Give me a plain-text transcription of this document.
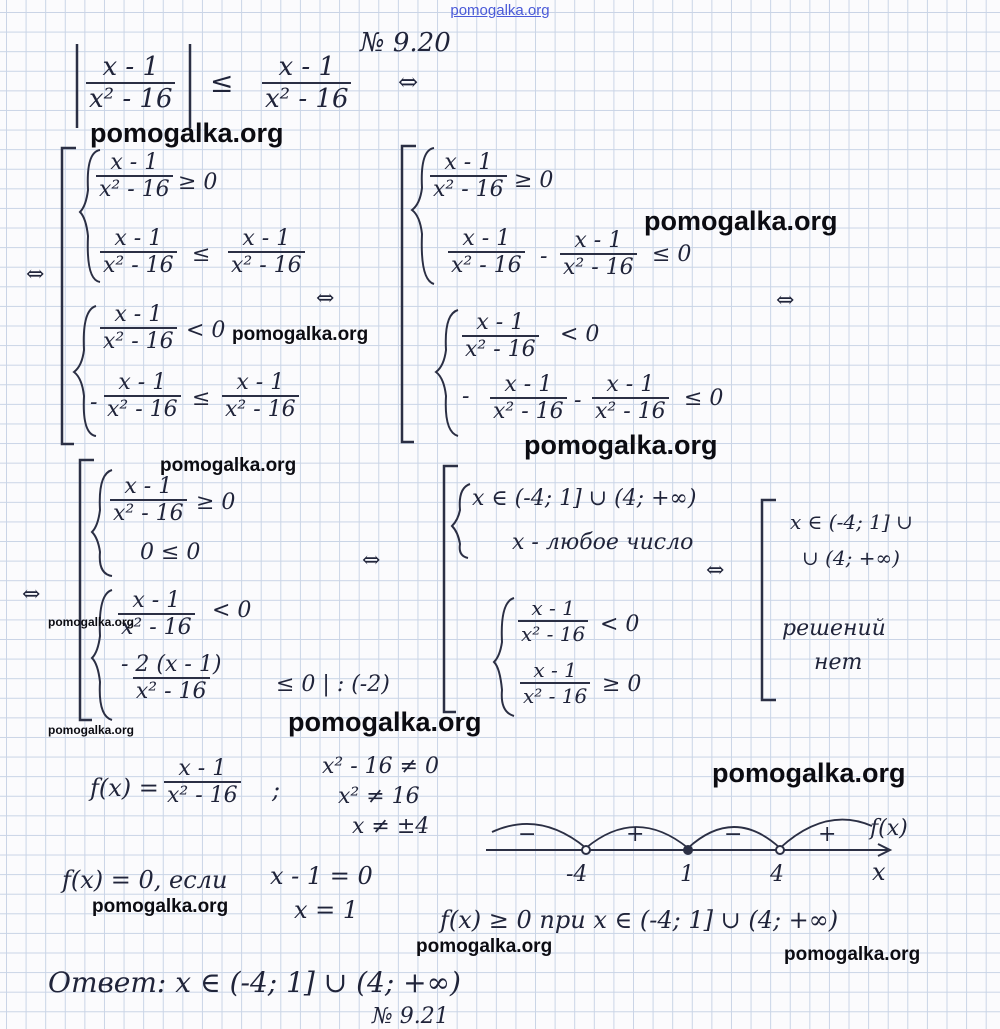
pomogalka.org
№ 9.20
$\frac{x - 1}{\text{x² - 16}} \le \frac{x - 1}{\text{x² - 16}}$ ⇔
⇔
$\frac{x - 1}{\text{x² - 16}} \ge 0$
$\frac{x - 1}{\text{x² - 16}} \le \frac{x - 1}{\text{x² - 16}}$
$\frac{x - 1}{\text{x² - 16}} < 0$
- $\frac{x - 1}{\text{x² - 16}} \le \frac{x - 1}{\text{x² - 16}}$
⇔
$\frac{x - 1}{\text{x² - 16}} \ge 0$
$\frac{x - 1}{\text{x² - 16}} - \frac{x - 1}{\text{x² - 16}} \le 0$
$\frac{x - 1}{\text{x² - 16}} < 0$
- $\frac{x - 1}{\text{x² - 16}} - \frac{x - 1}{\text{x² - 16}} \le 0$
⇔
⇔
$\frac{x - 1}{\text{x² - 16}} \ge 0$
0 ≤ 0
$\frac{x - 1}{\text{x² - 16}} < 0$
$\frac{- 2 (x - 1)}{\text{x² - 16}} \le 0$ | : (-2)
⇔
x ∈ (-4; 1] ∪ (4; +∞)
x - любое число
$\frac{x - 1}{\text{x² - 16}} < 0$
$\frac{x - 1}{\text{x² - 16}} \ge 0$
⇔
x ∈ (-4; 1] ∪
∪ (4; +∞)
решений
нет
$f(x) = \frac{x - 1}{\text{x² - 16}}$ ;
x² - 16 ≠ 0
x² ≠ 16
x ≠ ±4
f(x) = 0, если x - 1 = 0
x = 1	f(x) ≥ 0 при x ∈ (-4; 1] ∪ (4; +∞)
Ответ: x ∈ (-4; 1] ∪ (4; +∞)
№ 9.21
−	+	−	+
-4	1	4
f(x)
x
pomogalka.org
pomogalka.org
pomogalka.org
pomogalka.org
pomogalka.org
pomogalka.org
pomogalka.org
pomogalka.org
pomogalka.org
pomogalka.org
pomogalka.org	pomogalka.org
